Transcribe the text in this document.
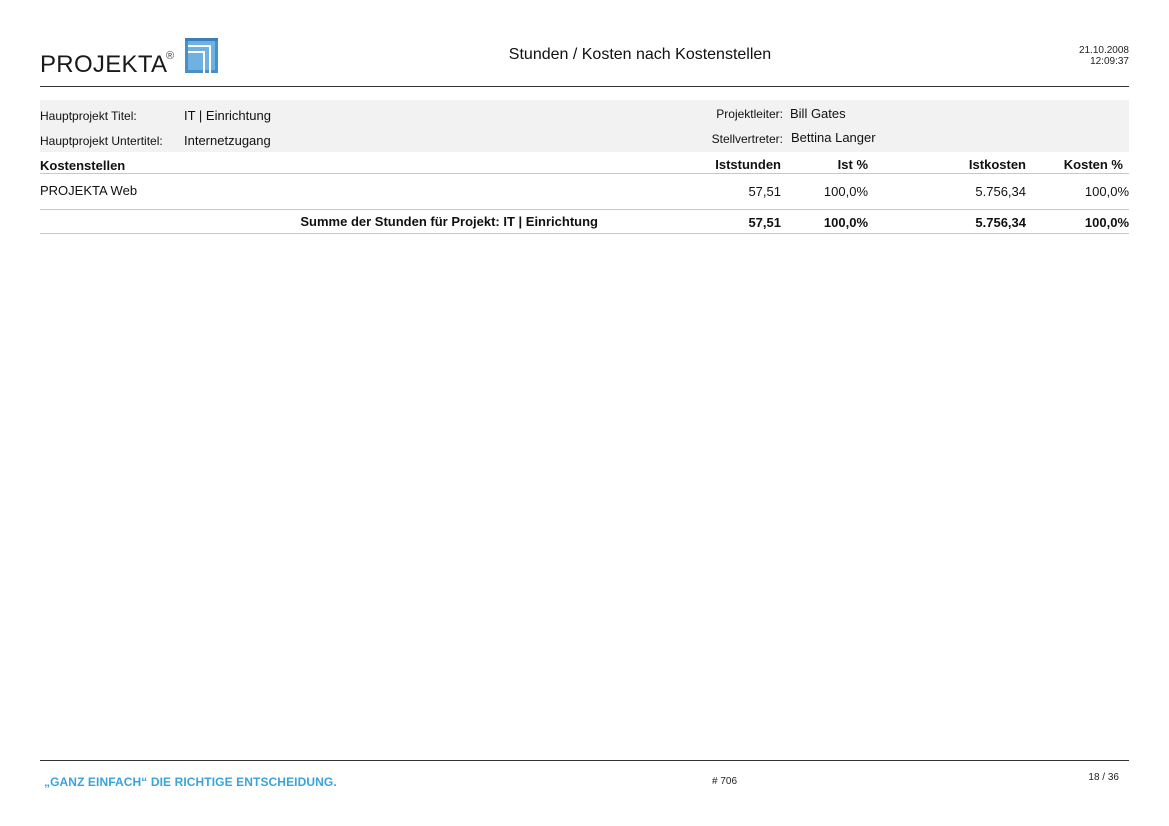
PROJEKTA
®	Stunden / Kosten nach Kostenstellen	21.10.2008
12:09:37
Hauptprojekt Titel:	IT | Einrichtung
Hauptprojekt Untertitel: Internetzugang
Projektleiter: Bill Gates
Stellvertreter: Bettina Langer
Kostenstellen	Iststunden	Ist %	Istkosten	Kosten %
PROJEKTA Web	57,51	100,0%	5.756,34	100,0%
Summe der Stunden für Projekt: IT | Einrichtung	57,51	100,0%	5.756,34	100,0%
„GANZ EINFACH“ DIE RICHTIGE ENTSCHEIDUNG.	# 706	18 / 36
